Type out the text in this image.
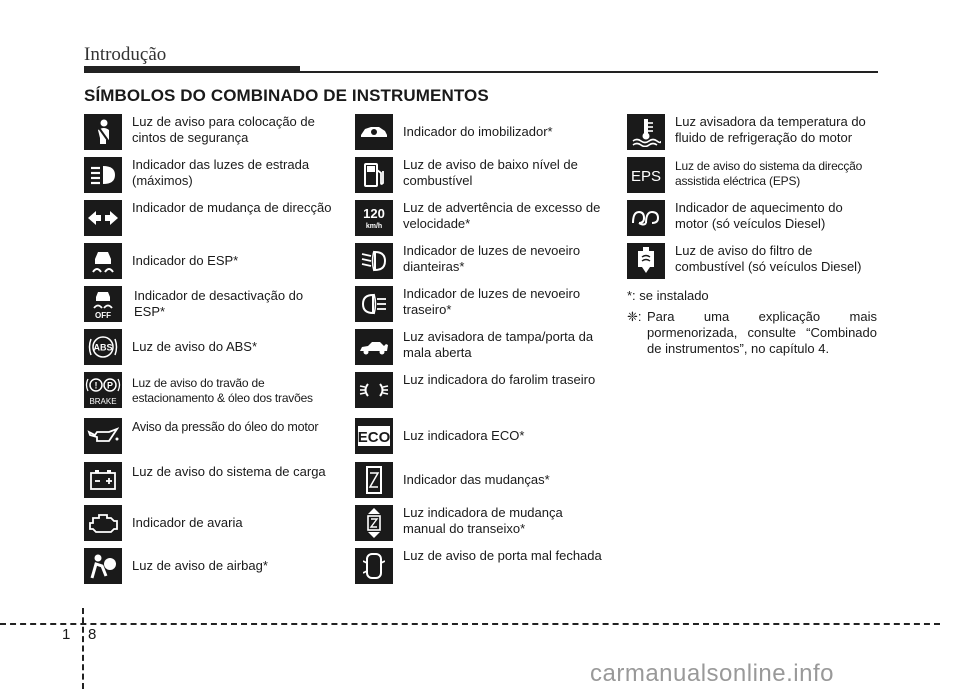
Introdução
SÍMBOLOS DO COMBINADO DE INSTRUMENTOS
Luz de aviso para colocação de cintos de segurança
Indicador das luzes de estrada (máximos)
Indicador de mudança de direcção
Indicador do ESP*
OFF
Indicador de desactivação do ESP*
ABS Luz de aviso do ABS*
! P
BRAKE
Luz de aviso do travão de estacionamento & óleo dos travões
Aviso da pressão do óleo do motor
Luz de aviso do sistema de carga
Indicador de avaria
Luz de aviso de airbag*
Indicador do imobilizador*
Luz de aviso de baixo nível de combustível
120
km/h
Luz de advertência de excesso de velocidade*
Indicador de luzes de nevoeiro dianteiras*
Indicador de luzes de nevoeiro traseiro*
Luz avisadora de tampa/porta da mala aberta
Luz indicadora do farolim traseiro
ECO Luz indicadora ECO*
Indicador das mudanças*
Luz indicadora de mudança manual do transeixo*
Luz de aviso de porta mal fechada
Luz avisadora da temperatura do fluido de refrigeração do motor
EPS
Luz de aviso do sistema da direcção assistida eléctrica (EPS)
Indicador de aquecimento do motor (só veículos Diesel)
Luz de aviso do filtro de combustível (só veículos Diesel)
*: se instalado
❈: Para uma explicação mais pormenorizada, consulte “Combinado de instrumentos”, no capítulo 4.
1 8
carmanualsonline.info
